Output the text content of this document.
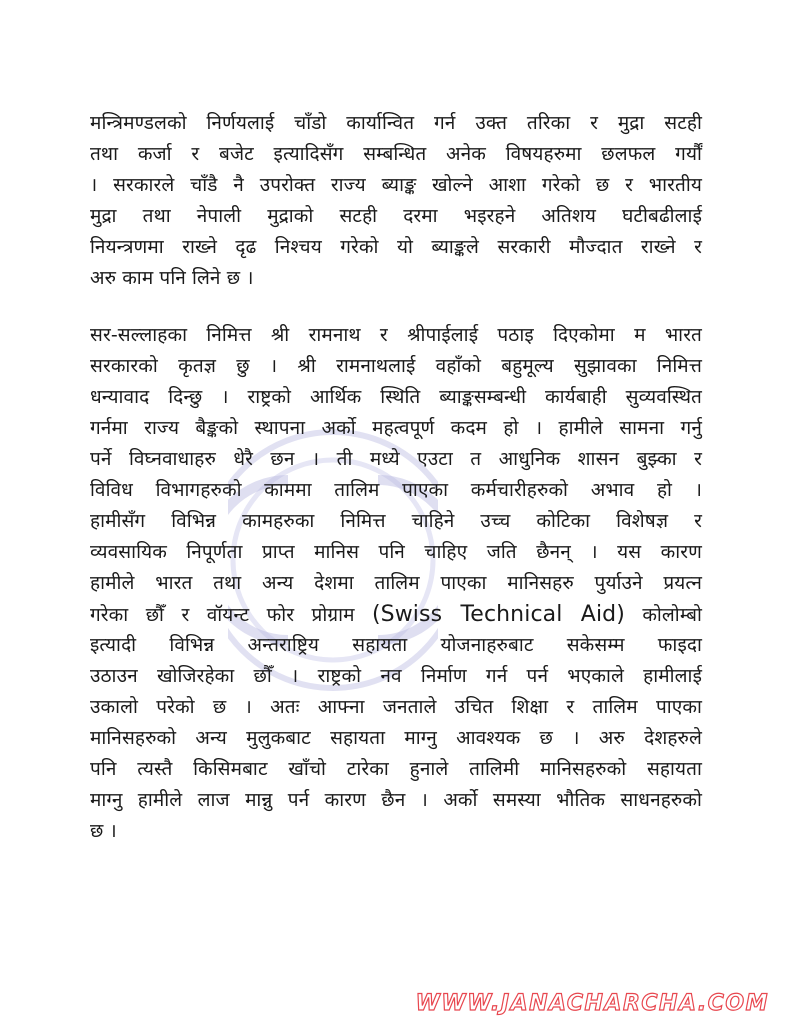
मन्त्रिमण्डलको निर्णयलाई चाँडो कार्यान्वित गर्न उक्त तरिका र मुद्रा सटही
तथा कर्जा र बजेट इत्यादिसँग सम्बन्धित अनेक विषयहरुमा छलफल गर्यौं
। सरकारले चाँडै नै उपरोक्त राज्य ब्याङ्क खोल्ने आशा गरेको छ र भारतीय
मुद्रा तथा नेपाली मुद्राको सटही दरमा भइरहने अतिशय घटीबढीलाई
नियन्त्रणमा राख्ने दृढ निश्चय गरेको यो ब्याङ्कले सरकारी मौज्दात राख्ने र
अरु काम पनि लिने छ ।
सर-सल्लाहका निमित्त श्री रामनाथ र श्रीपाईलाई पठाइ दिएकोमा म भारत
सरकारको कृतज्ञ छु । श्री रामनाथलाई वहाँको बहुमूल्य सुझावका निमित्त
धन्यावाद दिन्छु । राष्ट्रको आर्थिक स्थिति ब्याङ्कसम्बन्धी कार्यबाही सुव्यवस्थित
गर्नमा राज्य बैङ्कको स्थापना अर्को महत्वपूर्ण कदम हो । हामीले सामना गर्नु
पर्ने विघ्नवाधाहरु धेरै छन । ती मध्ये एउटा त आधुनिक शासन बुझ्का र
विविध विभागहरुको काममा तालिम पाएका कर्मचारीहरुको अभाव हो ।
हामीसँग विभिन्न कामहरुका निमित्त चाहिने उच्च कोटिका विशेषज्ञ र
व्यवसायिक निपूर्णता प्राप्त मानिस पनि चाहिए जति छैनन् । यस कारण
हामीले भारत तथा अन्य देशमा तालिम पाएका मानिसहरु पुर्याउने प्रयत्न
गरेका छौँ र वॉयन्ट फोर प्रोग्राम (Swiss Technical Aid) कोलोम्बो
इत्यादी विभिन्न अन्तराष्ट्रिय सहायता योजनाहरुबाट सकेसम्म फाइदा
उठाउन खोजिरहेका छौँ । राष्ट्रको नव निर्माण गर्न पर्न भएकाले हामीलाई
उकालो परेको छ । अतः आफ्ना जनताले उचित शिक्षा र तालिम पाएका
मानिसहरुको अन्य मुलुकबाट सहायता माग्नु आवश्यक छ । अरु देशहरुले
पनि त्यस्तै किसिमबाट खाँचो टारेका हुनाले तालिमी मानिसहरुको सहायता
माग्नु हामीले लाज मान्नु पर्न कारण छैन । अर्को समस्या भौतिक साधनहरुको
छ ।
WWW.JANACHARCHA.COM
